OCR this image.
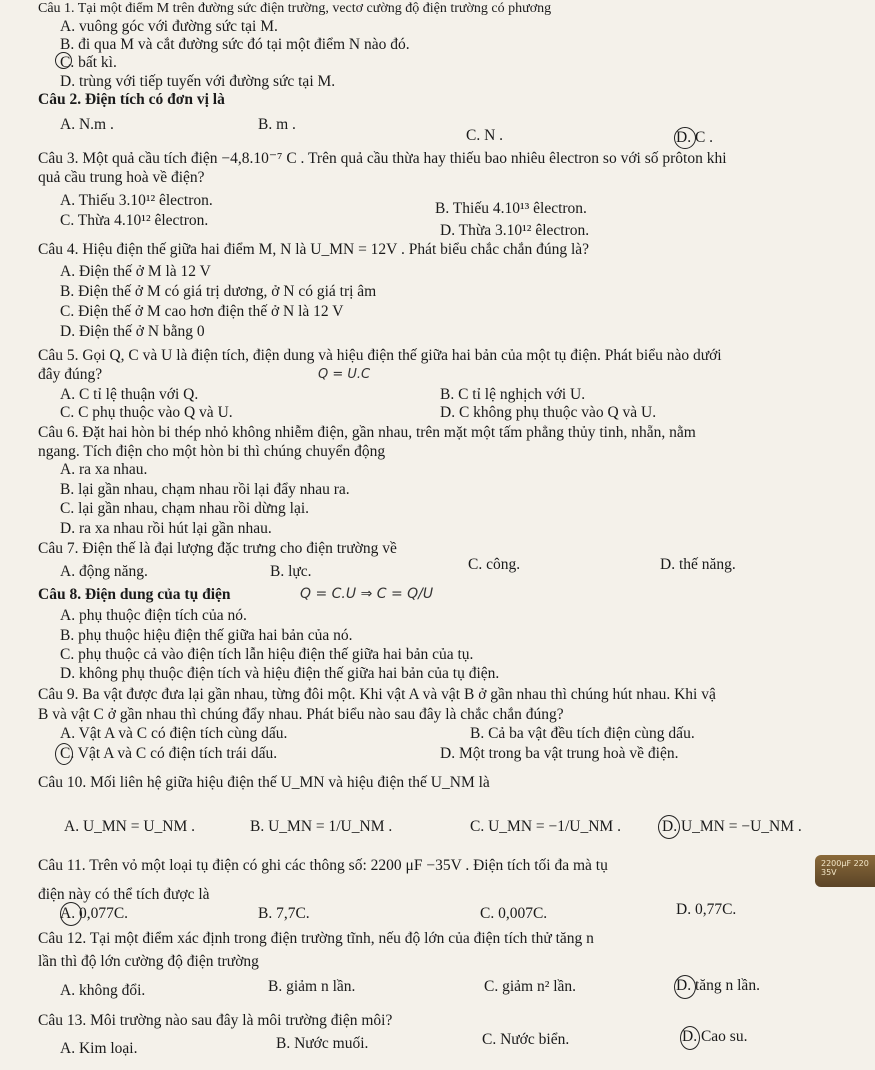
Câu 1. Tại một điểm M trên đường sức điện trường, vectơ cường độ điện trường có phương
A. vuông góc với đường sức tại M.
B. đi qua M và cắt đường sức đó tại một điểm N nào đó.
C. bất kì.
D. trùng với tiếp tuyến với đường sức tại M.
Câu 2. Điện tích có đơn vị là
A. N.m .	B. m .
C. N .	D. C .
Câu 3. Một quả cầu tích điện −4,8.10⁻⁷ C . Trên quả cầu thừa hay thiếu bao nhiêu êlectron so với số prôton khi
quả cầu trung hoà về điện?
A. Thiếu 3.10¹² êlectron.	B. Thiếu 4.10¹³ êlectron.
C. Thừa 4.10¹² êlectron.
D. Thừa 3.10¹² êlectron.
Câu 4. Hiệu điện thế giữa hai điểm M, N là U_MN = 12V . Phát biểu chắc chắn đúng là?
A. Điện thế ở M là 12 V
B. Điện thế ở M có giá trị dương, ở N có giá trị âm
C. Điện thế ở M cao hơn điện thế ở N là 12 V
D. Điện thế ở N bằng 0
Câu 5. Gọi Q, C và U là điện tích, điện dung và hiệu điện thế giữa hai bản của một tụ điện. Phát biểu nào dưới
đây đúng?	Q = U.C
A. C tỉ lệ thuận với Q.	B. C tỉ lệ nghịch với U.
C. C phụ thuộc vào Q và U.	D. C không phụ thuộc vào Q và U.
Câu 6. Đặt hai hòn bi thép nhỏ không nhiễm điện, gần nhau, trên mặt một tấm phẳng thủy tinh, nhẵn, nằm
ngang. Tích điện cho một hòn bi thì chúng chuyển động
A. ra xa nhau.
B. lại gần nhau, chạm nhau rồi lại đẩy nhau ra.
C. lại gần nhau, chạm nhau rồi dừng lại.
D. ra xa nhau rồi hút lại gần nhau.
Câu 7. Điện thế là đại lượng đặc trưng cho điện trường về
A. động năng.	B. lực.	C. công.	D. thế năng.
Câu 8. Điện dung của tụ điện	Q = C.U ⇒ C = Q/U
A. phụ thuộc điện tích của nó.
B. phụ thuộc hiệu điện thế giữa hai bản của nó.
C. phụ thuộc cả vào điện tích lẫn hiệu điện thế giữa hai bản của tụ.
D. không phụ thuộc điện tích và hiệu điện thế giữa hai bản của tụ điện.
Câu 9. Ba vật được đưa lại gần nhau, từng đôi một. Khi vật A và vật B ở gần nhau thì chúng hút nhau. Khi vậ
B và vật C ở gần nhau thì chúng đẩy nhau. Phát biểu nào sau đây là chắc chắn đúng?
A. Vật A và C có điện tích cùng dấu.	B. Cả ba vật đều tích điện cùng dấu.
C. Vật A và C có điện tích trái dấu.	D. Một trong ba vật trung hoà về điện.
Câu 10. Mối liên hệ giữa hiệu điện thế U_MN và hiệu điện thế U_NM là
A. U_MN = U_NM .	B. U_MN = 1/U_NM .	C. U_MN = −1/U_NM .	D. U_MN = −U_NM .
Câu 11. Trên vỏ một loại tụ điện có ghi các thông số: 2200 μF −35V . Điện tích tối đa mà tụ	2200μF 220 35V
điện này có thể tích được là
A. 0,077C.	B. 7,7C.	C. 0,007C.	D. 0,77C.
Câu 12. Tại một điểm xác định trong điện trường tĩnh, nếu độ lớn của điện tích thử tăng n
lần thì độ lớn cường độ điện trường
A. không đổi.	B. giảm n lần.	C. giảm n² lần.	D. tăng n lần.
Câu 13. Môi trường nào sau đây là môi trường điện môi?
A. Kim loại.	B. Nước muối.	C. Nước biển.	D. Cao su.
